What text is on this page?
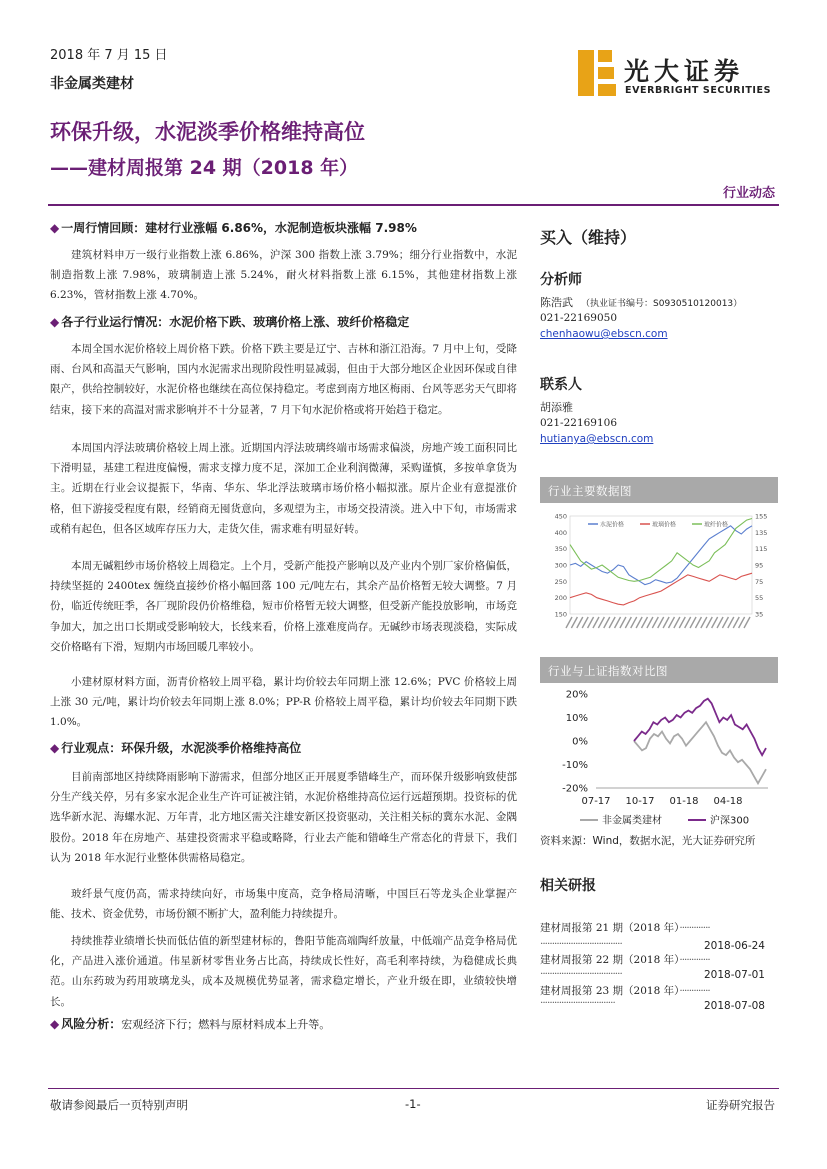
2018 年 7 月 15 日
非金属类建材	光大证券
EVERBRIGHT SECURITIES
环保升级，水泥淡季价格维持高位
——建材周报第 24 期（2018 年）
行业动态
◆ 一周行情回顾：建材行业涨幅 6.86%，水泥制造板块涨幅 7.98%
建筑材料申万一级行业指数上涨 6.86%，沪深 300 指数上涨 3.79%；细分行业指数中，水泥制造指数上涨 7.98%，玻璃制造上涨 5.24%，耐火材料指数上涨 6.15%，其他建材指数上涨 6.23%，管材指数上涨 4.70%。
◆ 各子行业运行情况：水泥价格下跌、玻璃价格上涨、玻纤价格稳定
本周全国水泥价格较上周价格下跌。价格下跌主要是辽宁、吉林和浙江沿海。7 月中上旬，受降雨、台风和高温天气影响，国内水泥需求出现阶段性明显减弱，但由于大部分地区企业因环保或自律限产，供给控制较好，水泥价格也继续在高位保持稳定。考虑到南方地区梅雨、台风等恶劣天气即将结束，接下来的高温对需求影响并不十分显著，7 月下旬水泥价格或将开始趋于稳定。
本周国内浮法玻璃价格较上周上涨。近期国内浮法玻璃终端市场需求偏淡，房地产竣工面积同比下滑明显，基建工程进度偏慢，需求支撑力度不足，深加工企业利润微薄，采购谨慎，多按单拿货为主。近期在行业会议提振下，华南、华东、华北浮法玻璃市场价格小幅拟涨。原片企业有意提涨价格，但下游接受程度有限，经销商无囤货意向，多观望为主，市场交投清淡。进入中下旬，市场需求或稍有起色，但各区域库存压力大，走货欠佳，需求难有明显好转。
本周无碱粗纱市场价格较上周稳定。上个月，受新产能投产影响以及产业内个别厂家价格偏低，持续坚挺的 2400tex 缠绕直接纱价格小幅回落 100 元/吨左右，其余产品价格暂无较大调整。7 月份，临近传统旺季，各厂现阶段仍价格维稳，短市价格暂无较大调整，但受新产能投放影响，市场竞争加大，加之出口长期或受影响较大，长线来看，价格上涨难度尚存。无碱纱市场表现淡稳，实际成交价格略有下滑，短期内市场回暖几率较小。
小建材原材料方面，沥青价格较上周平稳，累计均价较去年同期上涨 12.6%；PVC 价格较上周上涨 30 元/吨，累计均价较去年同期上涨 8.0%；PP-R 价格较上周平稳，累计均价较去年同期下跌 1.0%。
◆ 行业观点：环保升级，水泥淡季价格维持高位
目前南部地区持续降雨影响下游需求，但部分地区正开展夏季错峰生产，而环保升级影响致使部分生产线关停，另有多家水泥企业生产许可证被注销，水泥价格维持高位运行远超预期。投资标的优选华新水泥、海螺水泥、万年青，北方地区需关注雄安新区投资驱动，关注相关标的冀东水泥、金隅股份。2018 年在房地产、基建投资需求平稳或略降，行业去产能和错峰生产常态化的背景下，我们认为 2018 年水泥行业整体供需格局稳定。
玻纤景气度仍高，需求持续向好，市场集中度高，竞争格局清晰，中国巨石等龙头企业掌握产能、技术、资金优势，市场份额不断扩大，盈利能力持续提升。
持续推荐业绩增长快而低估值的新型建材标的，鲁阳节能高端陶纤放量，中低端产品竞争格局优化，产品进入涨价通道。伟星新材零售业务占比高，持续成长性好，高毛利率持续，为稳健成长典范。山东药玻为药用玻璃龙头，成本及规模优势显著，需求稳定增长，产业升级在即，业绩较快增长。
◆ 风险分析：宏观经济下行；燃料与原材料成本上升等。
买入（维持）
分析师
陈浩武 （执业证书编号：S0930510120013）
021-22169050
chenhaowu@ebscn.com
联系人
胡添雅
021-22169106
hutianya@ebscn.com
行业主要数据图
450
400
350
300
250
200
150
155
135
115
95
75
55
35
水泥价格	玻璃价格	玻纤价格
行业与上证指数对比图
20%
10%
0%
-10%
-20%
07-17 10-17 01-18 04-18
非金属类建材	沪深300
资料来源：Wind，数据水泥，光大证券研究所
相关研报
建材周报第 21 期（2018 年）·············
···································	2018-06-24
建材周报第 22 期（2018 年）·············
···································	2018-07-01
建材周报第 23 期（2018 年）·············
································	2018-07-08
敬请参阅最后一页特别声明	-1-	证券研究报告
